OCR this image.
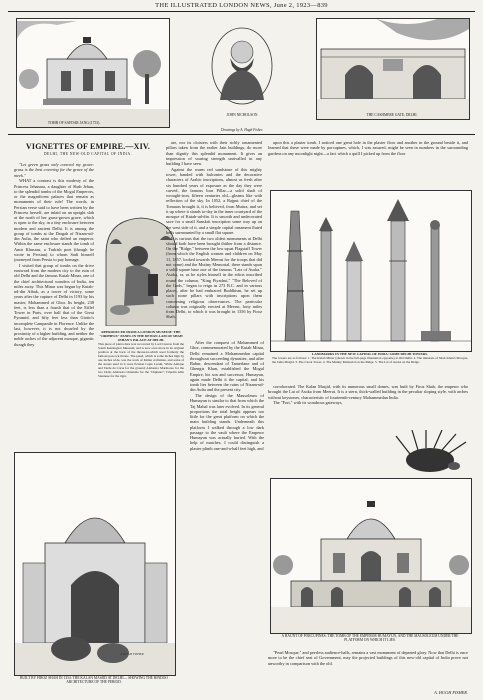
THE ILLUSTRATED LONDON NEWS, June 2, 1923—839
TOMB OF SAFDAR JANG (1753).
JOHN NICHOLSON
Drawings by A. Hugh Fisher.
THE CASHMERE GATE, DELHI.
VIGNETTES OF EMPIRE.—XIV.
DELHI, THE NEW-OLD CAPITAL OF INDIA.

"Let green grass only conceal my grave: grass is the best covering for the grave of the meek."

WHAT a contrast is this modesty of the Princess Jehanara, a daughter of Shah Jehan, to the splendid tombs of the Mogul Emperors, or the magnificent palaces that remain as monuments of their rule! The words, in Persian verse said to have been written by the Princess herself, are inlaid on an upright slab at the north of her grass-grown grave, which is open to the sky, in a tiny enclosure between modern and ancient Delhi. It is among the group of tombs at the Dargah of Nizam-ud-din Aulia, the saint who defied an emperor. Within the same enclosure stands the tomb of Amir Khusrau, a Turkish poet (though he wrote in Persian) to whom Sadi himself journeyed from Persia to pay homage.

I visited that group of tombs on the drive eastward from the modern city to the ruin of old Delhi and the famous Kutab Minar, one of the chief architectural wonders of India, ten miles away. This Minar was begun by Kutab-ud-din Aibak, as a tower of victory, some years after the capture of Delhi in 1193 by his master, Mohammed of Ghor. Its height, 238 feet, is less than a fourth that of the Eiffel Tower in Paris, over half that of the Great Pyramid, and fifty feet less than Giotto's incomplete Campanile in Florence. Unlike the last, however, it is not dwarfed by the proximity of a higher building, and neither the noble arches of the adjacent mosque, gigantic though they

REPRODUCED FROM A LONDON MUSEUM: THE "ORPHEUS" PANEL IN THE DEWAN-I-AM OF SHAH JEHAN'S PALACE AT DELHI.
This piece of pietra dura was recovered by Lord Curzon from the South Kensington Museum, and is now once more in its original position at the back of the throne-in-which used formerly the famous peacock throne. The panel, which is some inches high by one inches wide, was the work of Italian craftsmen, and some of the stones used in it were Persian Lapis Lazuli, White Antique and Verde de Corse for the ground; Alabastro Marmoreo for the two birds; Alabastro Orientale for the "Orpheus"; Tripolin Alba Siennese for the tiger.

are, nor its cloisters with their richly ornamented pillars taken from the earlier Jain buildings, do more than dignify this splendid monument. It gives an impression of soaring strength unrivalled in any building I have seen.

Against the warm red sandstone of this mighty tower, banded with balconies and the decorative characters of Arabic inscriptions, almost as fresh after six hundred years of exposure as the day they were carved, the famous Iron Pillar—a solid shaft of wrought-iron, fifteen centuries old—gleams like with reflection of the sky. In 1052, a Rajput chief of the Tomaras brought it, it is believed, from Muttra, and set it up where it stands to-day in the inner courtyard of the mosque of Kutab-ud-din. It is smooth and undecorated save for a small Sanskrit inscription some way up on the west side of it, and a simple capital ornament fluted bells surmounted by a small flat square.

It is curious that the two oldest monuments at Delhi should both have been brought thither from a distance. On the "Ridge," between the low squat Flagstaff Tower (from which the English women and children on May 11, 1857, looked towards Meerut for the troops that did not come) and the Mutiny Memorial, there stands upon a solid square base one of the famous "Lats of Asoka." Asoka, or, as he styles himself in the edicts inscribed round the column, "King Piyadasi," "The Beloved of the Gods," began to reign in 273 B.C. and in various places, after he had embraced Buddhism, he set up such stone pillars with inscriptions upon them concerning religious observances. The particular column was originally erected at Meerut, forty miles from Delhi, to which it was brought in 1356 by Firoz Shah.

After the conquest of Mohammed of Ghor, commemorated by the Kutab Minar, Delhi remained a Mohammedan capital throughout succeeding dynasties; and after Babur, descendant of Tamerlane and of Ghengis Khan, established the Mogul Empire, his son and successor, Humayun, again made Delhi it the capital, and his tomb lies between the ruins of Nizam-ud-din Aulia and the present city.

The design of the Mausoleum of Humayun is similar to that from which the Taj Mahal was later evolved. In its general proportions the total height appears too little for the great platform on which the main building stands. Underneath this platform I walked through a low dark passage to the vault where the Emperor Humayun was actually buried. With the help of matches, I could distinguish a plaster plinth one-and-a-half feet high, and

upon this a plaster tomb. I noticed one great hole in the plaster floor and another in the ground beside it, and learned that these were made by porcupines, which, I was assured, might be seen in numbers in the surrounding gardens on any moonlight night—a fact which a quill I picked up from the floor

LANDMARKS IN THE NEW CAPITAL OF INDIA: SOME DELHI TOWERS.
The towers are as follows: 1. The Kutub Minar (shown in the full-page illustration opposite) at Old Delhi. 2. The minarets of Shah Jehan's Mosque, the Jama Masjid. 3. The Clock Tower. 4. The Mutiny Memorial on the Ridge. 5. The Lat of Asoka on the Ridge.

corroborated. The Kalan Masjid, with its numerous small domes, was built by Firoz Shah, the emperor who brought the Lat of Asoka from Meerut. It is a stern, thick-walled building in the peculiar sloping style, with arches without keystones, characteristic of fourteenth-century Mohammedan India.

The "Fort," with its wondrous gateways,

A.HUGH FISHER
BUILT BY FIROZ SHAH IN 1354: THE KALAN MASJID AT DELHI— SHOWING THE HINDOO ARCHITECTURE OF THE PERIOD.
A HAUNT OF PORCUPINES: THE TOMB OF THE EMPEROR HUMAYUN, AND THE MAUSOLEUM UNDER THE PLATFORM ON WHICH IT LIES.

"Pearl Mosque," and peerless audience-halls, remains a vast monument of departed glory. Now that Delhi is once more to be the chief seat of Government, may the projected buildings of this new-old capital of India prove not unworthy in comparison with the old.

A. HUGH FISHER.
